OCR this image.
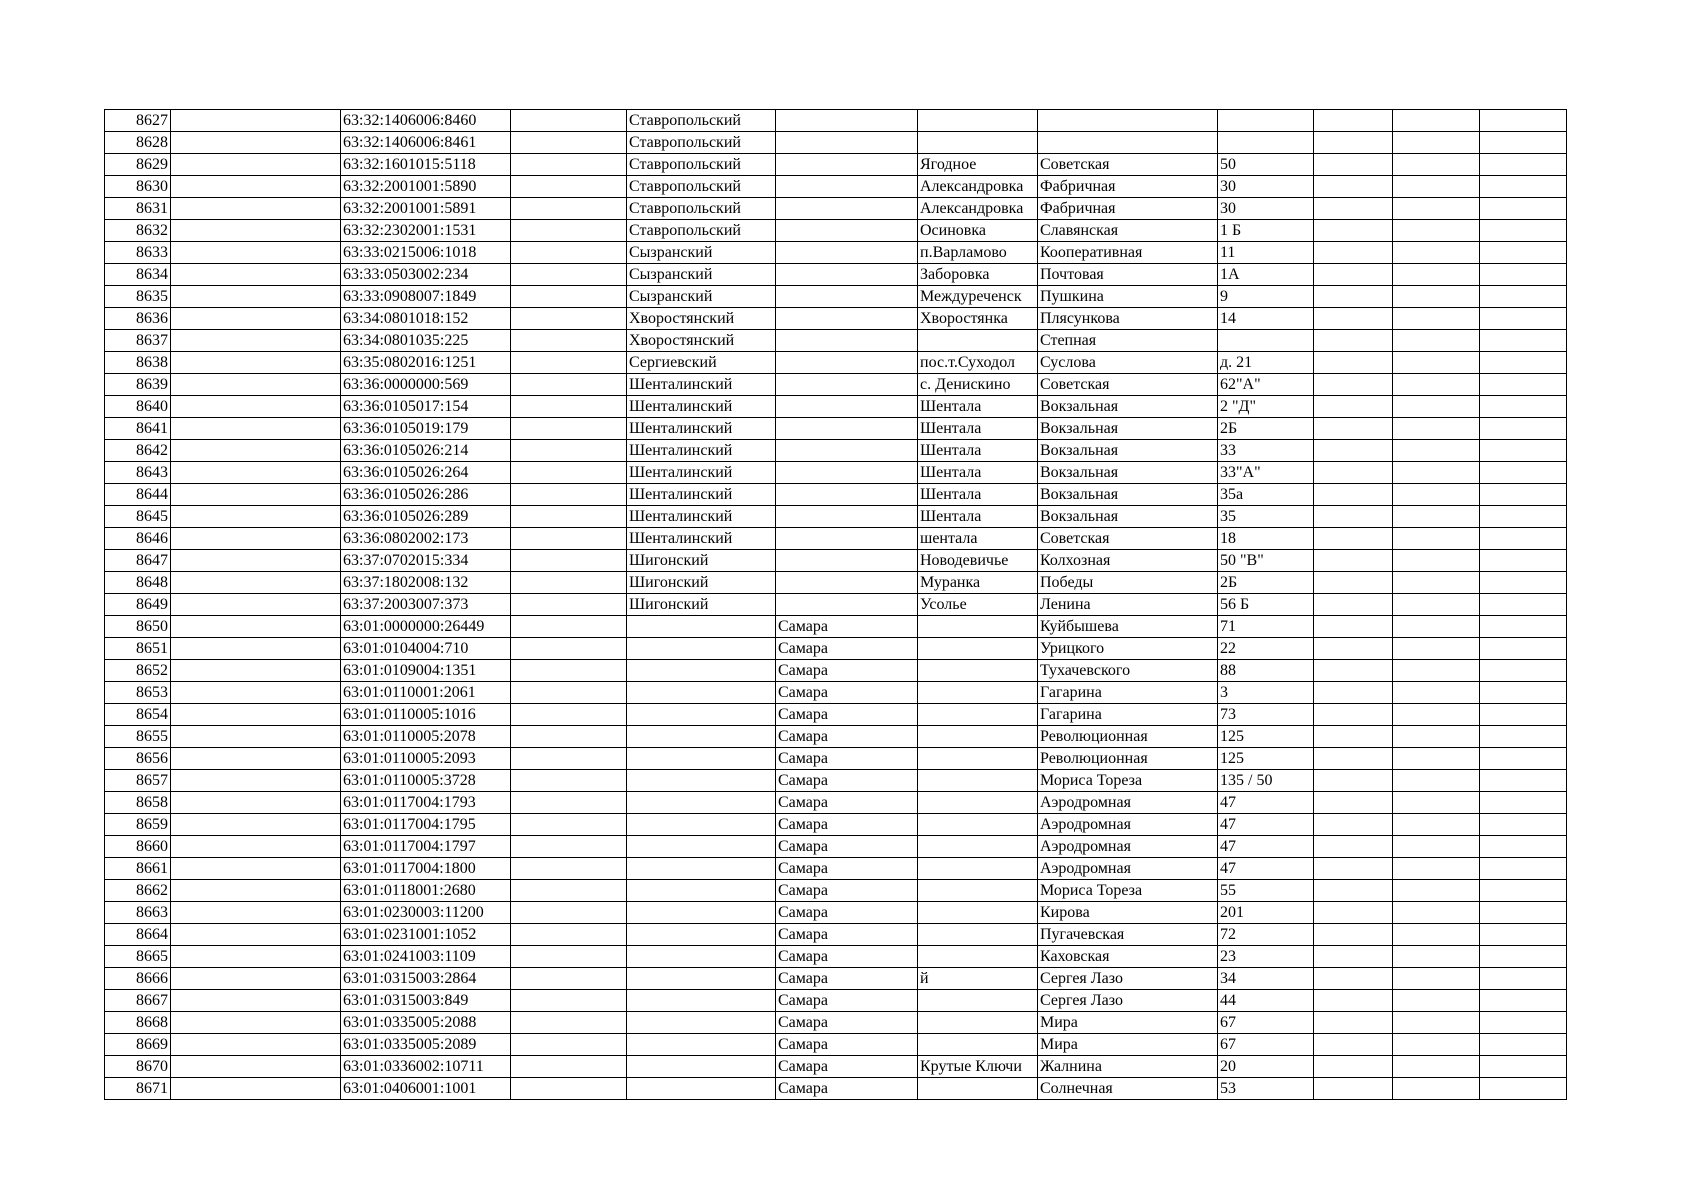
8627		63:32:1406006:8460		Ставропольский							
8628		63:32:1406006:8461		Ставропольский							
8629		63:32:1601015:5118		Ставропольский		Ягодное	Советская	50			
8630		63:32:2001001:5890		Ставропольский		Александровка	Фабричная	30			
8631		63:32:2001001:5891		Ставропольский		Александровка	Фабричная	30			
8632		63:32:2302001:1531		Ставропольский		Осиновка	Славянская	1 Б			
8633		63:33:0215006:1018		Сызранский		п.Варламово	Кооперативная	11			
8634		63:33:0503002:234		Сызранский		Заборовка	Почтовая	1А			
8635		63:33:0908007:1849		Сызранский		Междуреченск	Пушкина	9			
8636		63:34:0801018:152		Хворостянский		Хворостянка	Плясункова	14			
8637		63:34:0801035:225		Хворостянский			Степная				
8638		63:35:0802016:1251		Сергиевский		пос.т.Суходол	Суслова	д. 21			
8639		63:36:0000000:569		Шенталинский		с. Денискино	Советская	62"А"			
8640		63:36:0105017:154		Шенталинский		Шентала	Вокзальная	2 "Д"			
8641		63:36:0105019:179		Шенталинский		Шентала	Вокзальная	2Б			
8642		63:36:0105026:214		Шенталинский		Шентала	Вокзальная	33			
8643		63:36:0105026:264		Шенталинский		Шентала	Вокзальная	33"А"			
8644		63:36:0105026:286		Шенталинский		Шентала	Вокзальная	35а			
8645		63:36:0105026:289		Шенталинский		Шентала	Вокзальная	35			
8646		63:36:0802002:173		Шенталинский		шентала	Советская	18			
8647		63:37:0702015:334		Шигонский		Новодевичье	Колхозная	50 "В"			
8648		63:37:1802008:132		Шигонский		Муранка	Победы	2Б			
8649		63:37:2003007:373		Шигонский		Усолье	Ленина	56 Б			
8650		63:01:0000000:26449			Самара		Куйбышева	71			
8651		63:01:0104004:710			Самара		Урицкого	22			
8652		63:01:0109004:1351			Самара		Тухачевского	88			
8653		63:01:0110001:2061			Самара		Гагарина	3			
8654		63:01:0110005:1016			Самара		Гагарина	73			
8655		63:01:0110005:2078			Самара		Революционная	125			
8656		63:01:0110005:2093			Самара		Революционная	125			
8657		63:01:0110005:3728			Самара		Мориса Тореза	135 / 50			
8658		63:01:0117004:1793			Самара		Аэродромная	47			
8659		63:01:0117004:1795			Самара		Аэродромная	47			
8660		63:01:0117004:1797			Самара		Аэродромная	47			
8661		63:01:0117004:1800			Самара		Аэродромная	47			
8662		63:01:0118001:2680			Самара		Мориса Тореза	55			
8663		63:01:0230003:11200			Самара		Кирова	201			
8664		63:01:0231001:1052			Самара		Пугачевская	72			
8665		63:01:0241003:1109			Самара		Каховская	23			
8666		63:01:0315003:2864			Самара	й	Сергея Лазо	34			
8667		63:01:0315003:849			Самара		Сергея Лазо	44			
8668		63:01:0335005:2088			Самара		Мира	67			
8669		63:01:0335005:2089			Самара		Мира	67			
8670		63:01:0336002:10711			Самара	Крутые Ключи	Жалнина	20			
8671		63:01:0406001:1001			Самара		Солнечная	53			
